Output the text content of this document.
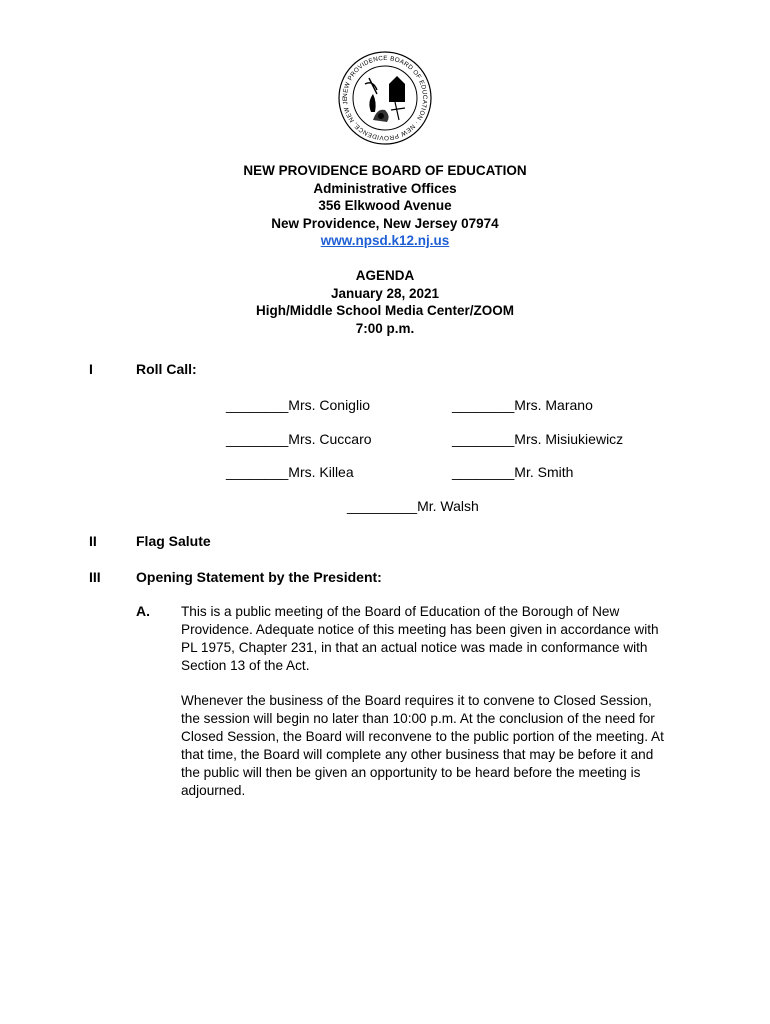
NEW PROVIDENCE BOARD OF EDUCATION · NEW PROVIDENCE, NEW JE
NEW PROVIDENCE BOARD OF EDUCATION
Administrative Offices
356 Elkwood Avenue
New Providence, New Jersey 07974
www.npsd.k12.nj.us
AGENDA
January 28, 2021
High/Middle School Media Center/ZOOM
7:00 p.m.
I	Roll Call:
________Mrs. Coniglio
________Mrs. Cuccaro
________Mrs. Killea
________Mrs. Marano
________Mrs. Misiukiewicz
________Mr. Smith
_________Mr. Walsh
II	Flag Salute
III	Opening Statement by the President:
A. This is a public meeting of the Board of Education of the Borough of New
Providence. Adequate notice of this meeting has been given in accordance with
PL 1975, Chapter 231, in that an actual notice was made in conformance with
Section 13 of the Act.
Whenever the business of the Board requires it to convene to Closed Session,
the session will begin no later than 10:00 p.m. At the conclusion of the need for
Closed Session, the Board will reconvene to the public portion of the meeting. At
that time, the Board will complete any other business that may be before it and
the public will then be given an opportunity to be heard before the meeting is
adjourned.
